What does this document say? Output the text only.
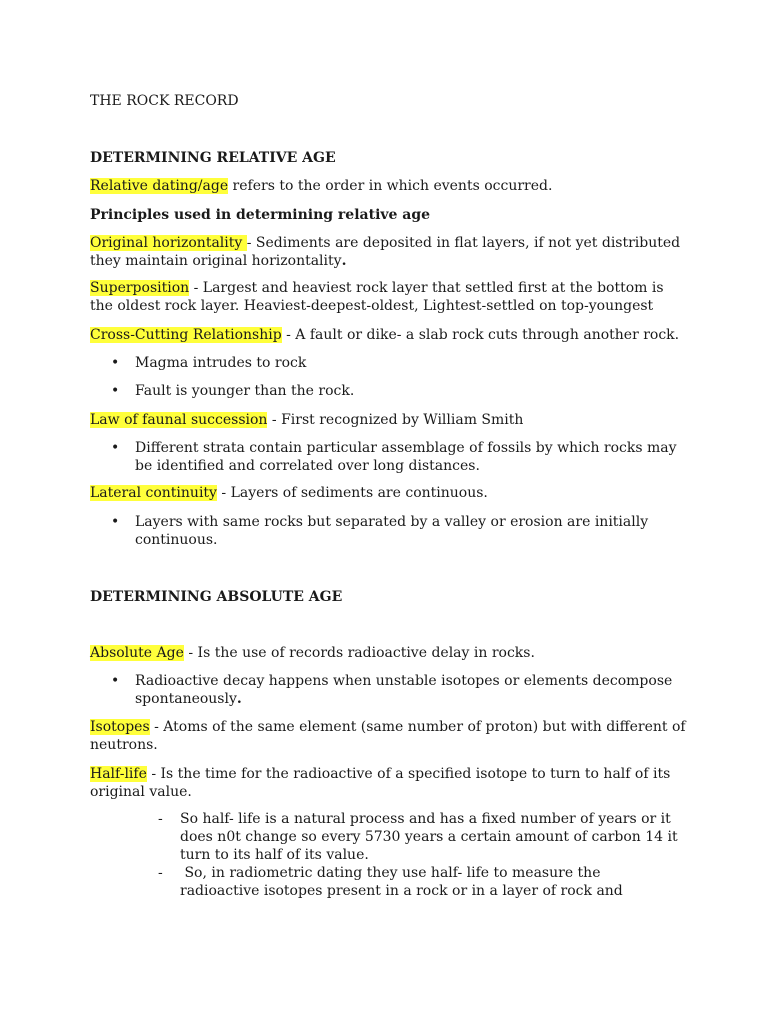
THE ROCK RECORD

DETERMINING RELATIVE AGE

Relative dating/age refers to the order in which events occurred.

Principles used in determining relative age

Original horizontality - Sediments are deposited in flat layers, if not yet distributed they maintain original horizontality.

Superposition - Largest and heaviest rock layer that settled first at the bottom is the oldest rock layer. Heaviest-deepest-oldest, Lightest-settled on top-youngest

Cross-Cutting Relationship - A fault or dike- a slab rock cuts through another rock.

• Magma intrudes to rock

• Fault is younger than the rock.

Law of faunal succession - First recognized by William Smith

• Different strata contain particular assemblage of fossils by which rocks may be identified and correlated over long distances.

Lateral continuity - Layers of sediments are continuous.

• Layers with same rocks but separated by a valley or erosion are initially continuous.

DETERMINING ABSOLUTE AGE

Absolute Age - Is the use of records radioactive delay in rocks.

• Radioactive decay happens when unstable isotopes or elements decompose spontaneously.

Isotopes - Atoms of the same element (same number of proton) but with different of neutrons.

Half-life - Is the time for the radioactive of a specified isotope to turn to half of its original value.

- So half- life is a natural process and has a fixed number of years or it does n0t change so every 5730 years a certain amount of carbon 14 it turn to its half of its value.

- So, in radiometric dating they use half- life to measure the radioactive isotopes present in a rock or in a layer of rock and
